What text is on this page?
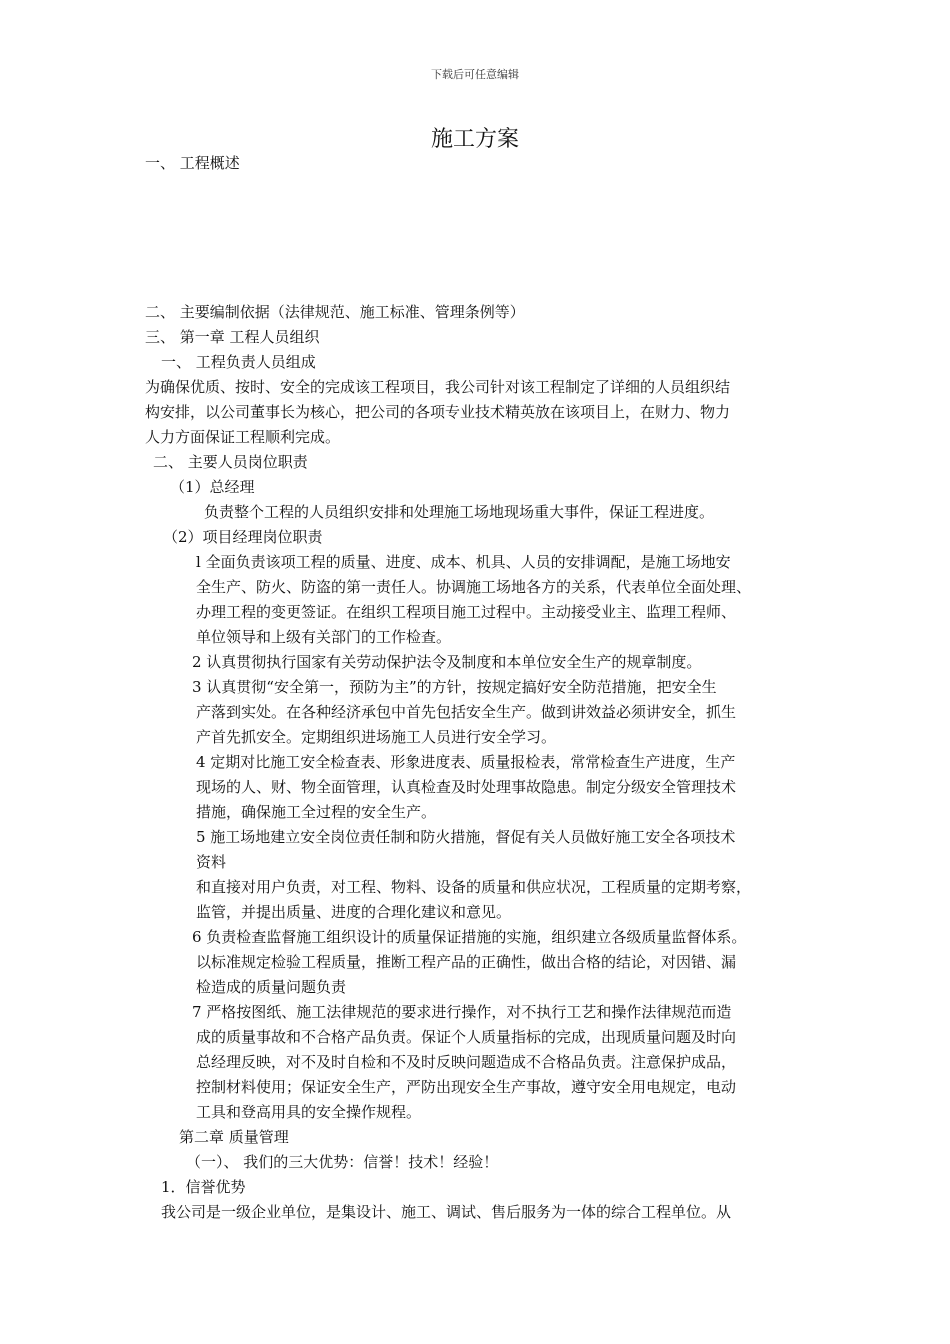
下载后可任意编辑
施工方案
一、 工程概述
二、 主要编制依据（法律规范、施工标准、管理条例等）
三、 第一章 工程人员组织
一、 工程负责人员组成
为确保优质、按时、安全的完成该工程项目，我公司针对该工程制定了详细的人员组织结
构安排，以公司董事长为核心，把公司的各项专业技术精英放在该项目上，在财力、物力
人力方面保证工程顺利完成。
二、 主要人员岗位职责
（1）总经理
负责整个工程的人员组织安排和处理施工场地现场重大事件，保证工程进度。
（2）项目经理岗位职责
l 全面负责该项工程的质量、进度、成本、机具、人员的安排调配，是施工场地安
全生产、防火、防盗的第一责任人。协调施工场地各方的关系，代表单位全面处理、
办理工程的变更签证。在组织工程项目施工过程中。主动接受业主、监理工程师、
单位领导和上级有关部门的工作检查。
2 认真贯彻执行国家有关劳动保护法令及制度和本单位安全生产的规章制度。
3 认真贯彻“安全第一，预防为主”的方针，按规定搞好安全防范措施，把安全生
产落到实处。在各种经济承包中首先包括安全生产。做到讲效益必须讲安全，抓生
产首先抓安全。定期组织进场施工人员进行安全学习。
4 定期对比施工安全检查表、形象进度表、质量报检表，常常检查生产进度，生产
现场的人、财、物全面管理，认真检查及时处理事故隐患。制定分级安全管理技术
措施，确保施工全过程的安全生产。
5 施工场地建立安全岗位责任制和防火措施，督促有关人员做好施工安全各项技术
资料
和直接对用户负责，对工程、物料、设备的质量和供应状况，工程质量的定期考察，
监管，并提出质量、进度的合理化建议和意见。
6 负责检查监督施工组织设计的质量保证措施的实施，组织建立各级质量监督体系。
以标准规定检验工程质量，推断工程产品的正确性，做出合格的结论，对因错、漏
检造成的质量问题负责
7 严格按图纸、施工法律规范的要求进行操作，对不执行工艺和操作法律规范而造
成的质量事故和不合格产品负责。保证个人质量指标的完成，出现质量问题及时向
总经理反映，对不及时自检和不及时反映问题造成不合格品负责。注意保护成品，
控制材料使用；保证安全生产，严防出现安全生产事故，遵守安全用电规定，电动
工具和登高用具的安全操作规程。
第二章 质量管理
（一）、 我们的三大优势：信誉！技术！经验！
1．信誉优势
我公司是一级企业单位，是集设计、施工、调试、售后服务为一体的综合工程单位。从
